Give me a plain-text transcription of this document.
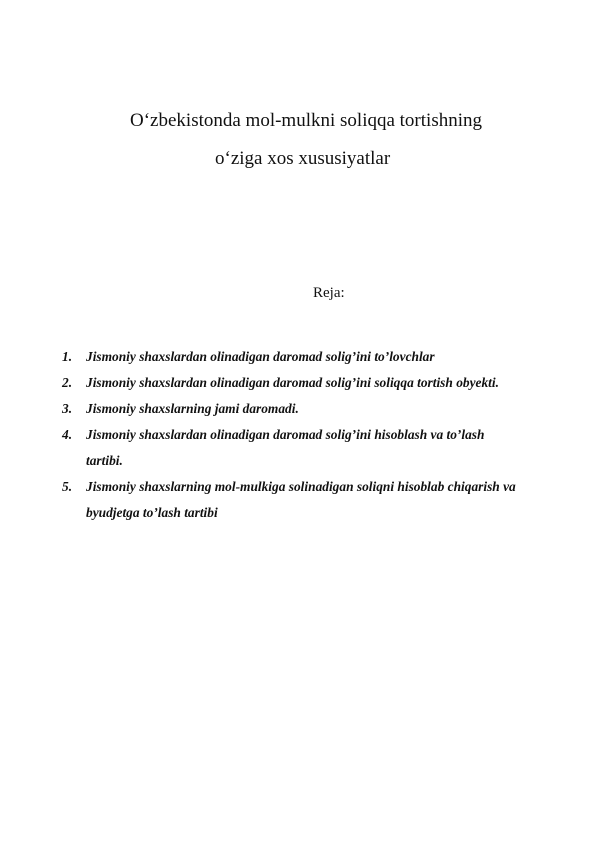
O‘zbekistonda mol-mulkni soliqqa tortishning
o‘ziga xos xususiyatlar
Reja:
1.	Jismoniy shaxslardan olinadigan daromad solig’ini to’lovchlar
2.	Jismoniy shaxslardan olinadigan daromad solig’ini soliqqa tortish obyekti.
3.	Jismoniy shaxslarning jami daromadi.
4.	Jismoniy shaxslardan olinadigan daromad solig’ini hisoblash va to’lash tartibi.
5.	Jismoniy shaxslarning mol-mulkiga solinadigan soliqni hisoblab chiqarish va byudjetga to’lash tartibi
